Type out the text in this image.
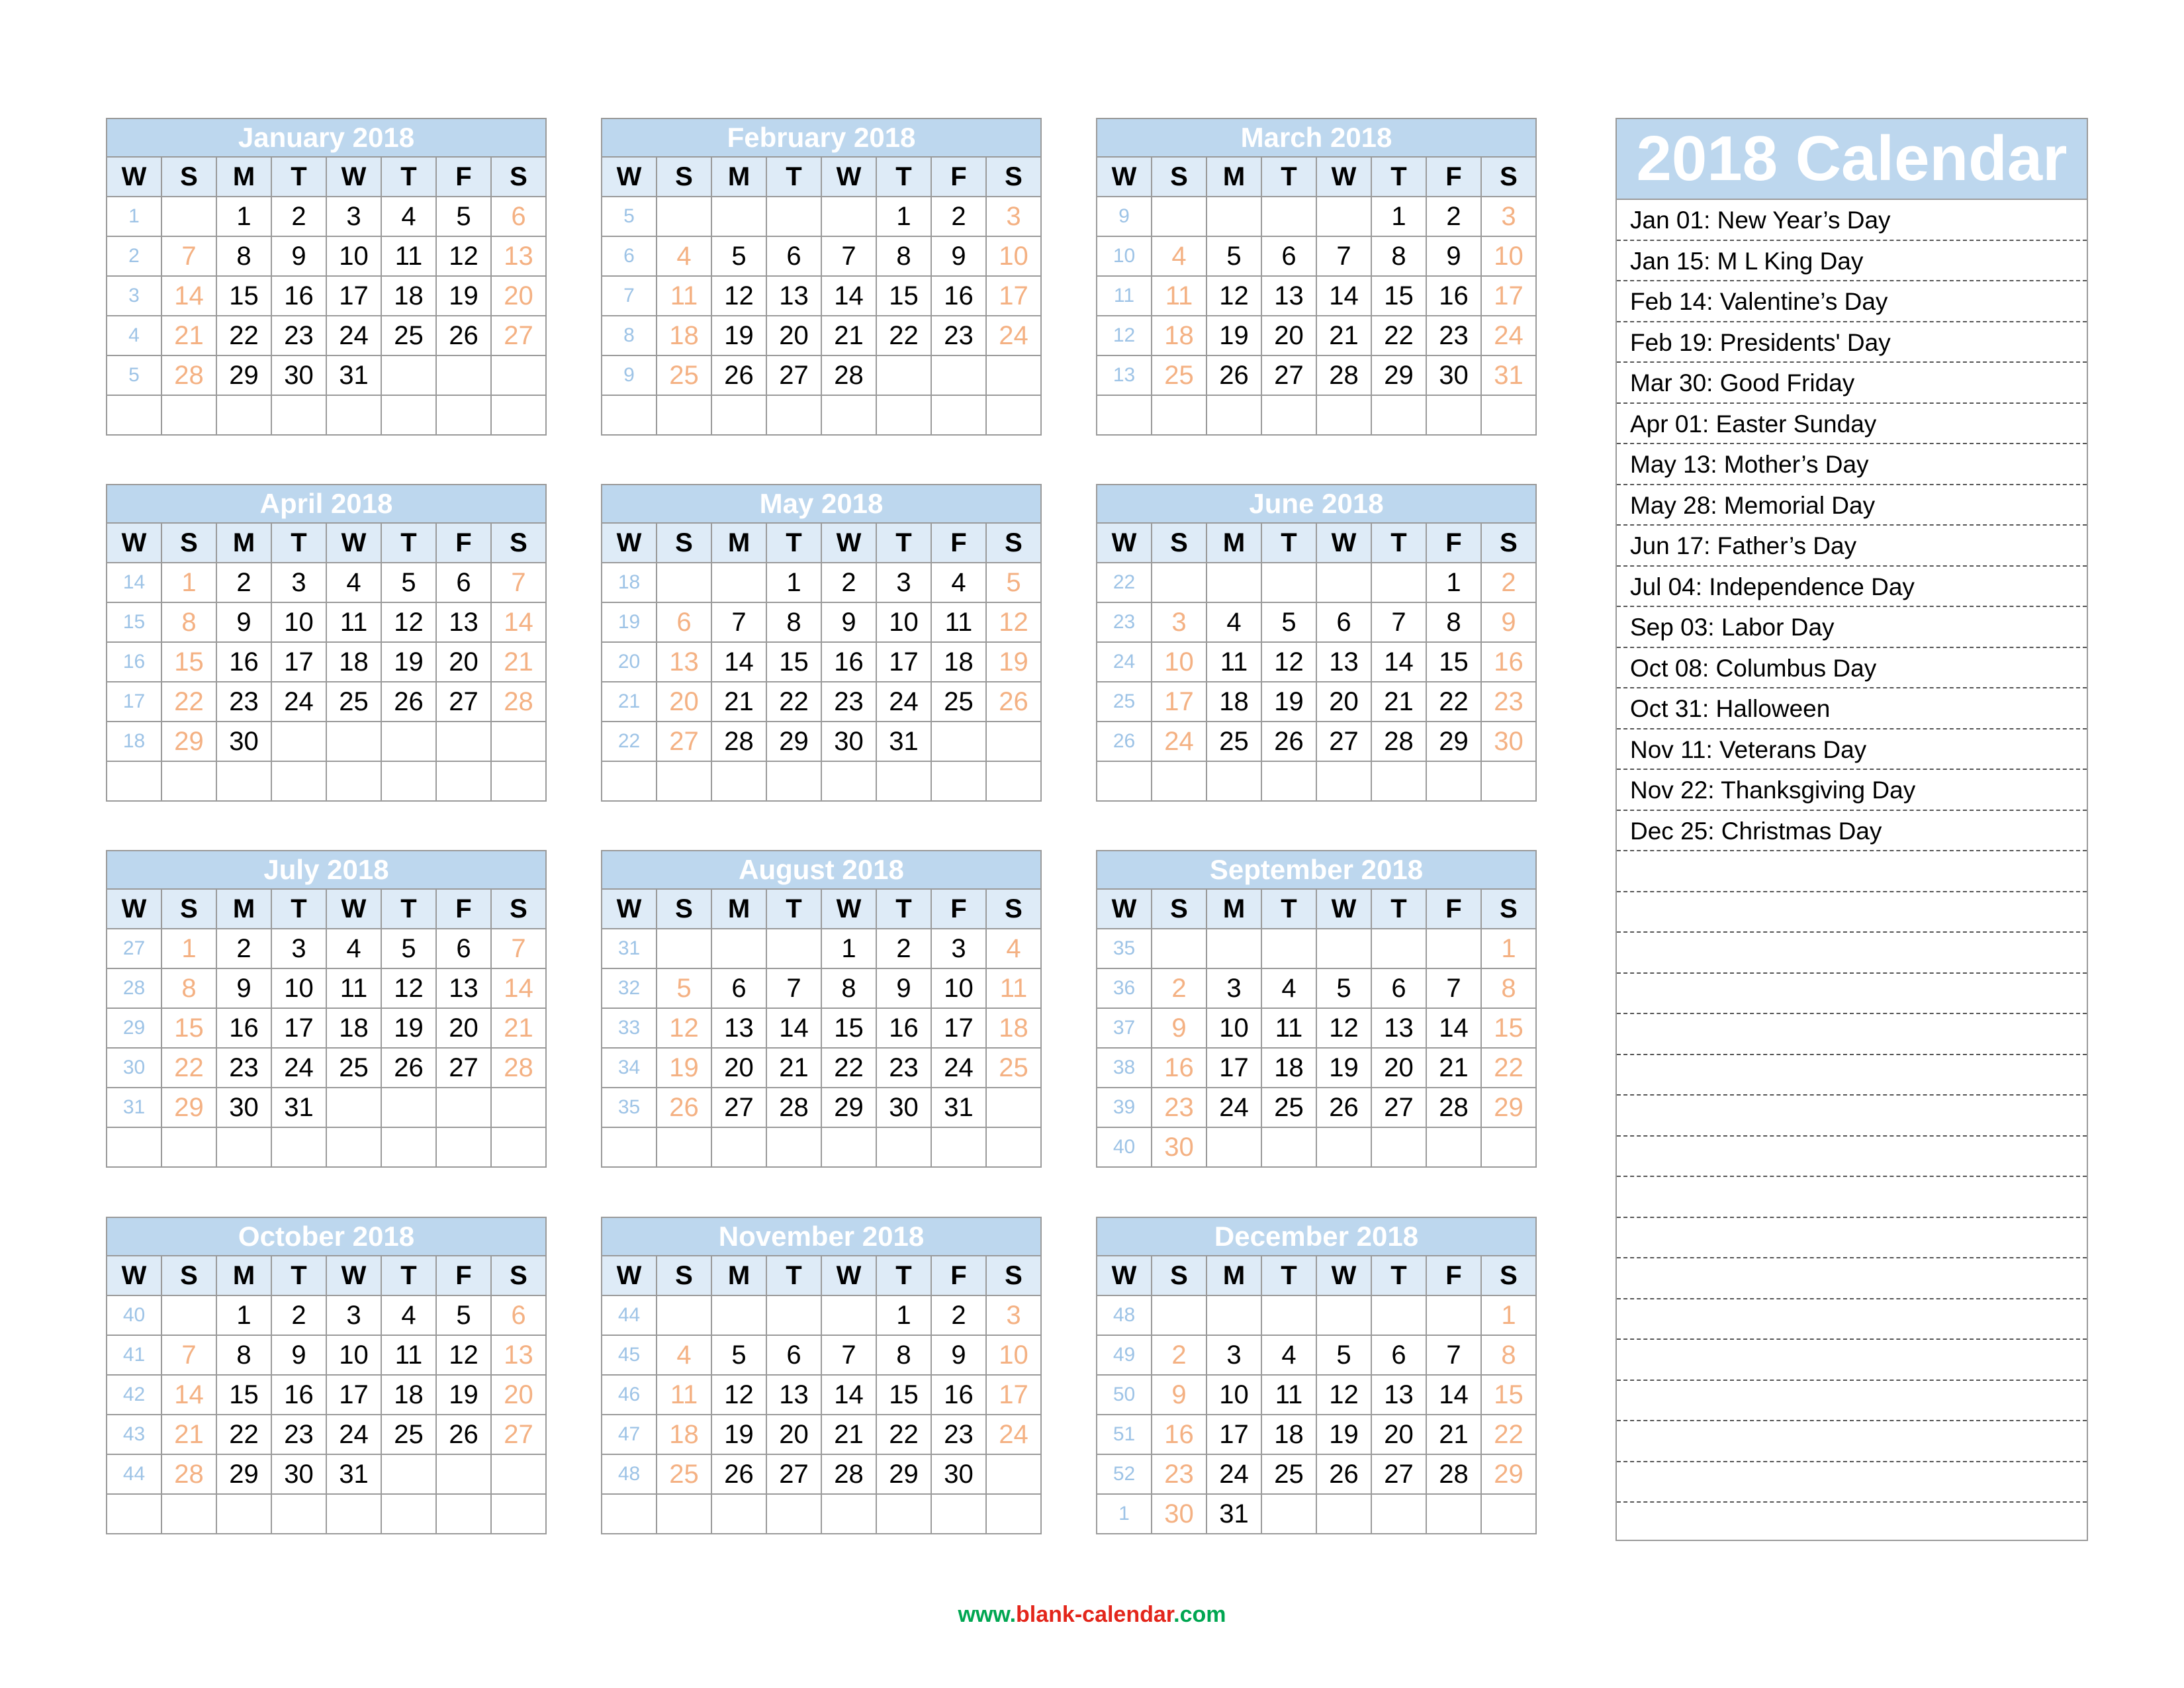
January 2018							
W	S	M	T	W	T	F	S
1		1	2	3	4	5	6
2	7	8	9	10	11	12	13
3	14	15	16	17	18	19	20
4	21	22	23	24	25	26	27
5	28	29	30	31			

February 2018							
W	S	M	T	W	T	F	S
5					1	2	3
6	4	5	6	7	8	9	10
7	11	12	13	14	15	16	17
8	18	19	20	21	22	23	24
9	25	26	27	28			

March 2018							
W	S	M	T	W	T	F	S
9					1	2	3
10	4	5	6	7	8	9	10
11	11	12	13	14	15	16	17
12	18	19	20	21	22	23	24
13	25	26	27	28	29	30	31

April 2018							
W	S	M	T	W	T	F	S
14	1	2	3	4	5	6	7
15	8	9	10	11	12	13	14
16	15	16	17	18	19	20	21
17	22	23	24	25	26	27	28
18	29	30					

May 2018							
W	S	M	T	W	T	F	S
18			1	2	3	4	5
19	6	7	8	9	10	11	12
20	13	14	15	16	17	18	19
21	20	21	22	23	24	25	26
22	27	28	29	30	31		

June 2018							
W	S	M	T	W	T	F	S
22						1	2
23	3	4	5	6	7	8	9
24	10	11	12	13	14	15	16
25	17	18	19	20	21	22	23
26	24	25	26	27	28	29	30

July 2018							
W	S	M	T	W	T	F	S
27	1	2	3	4	5	6	7
28	8	9	10	11	12	13	14
29	15	16	17	18	19	20	21
30	22	23	24	25	26	27	28
31	29	30	31				

August 2018							
W	S	M	T	W	T	F	S
31				1	2	3	4
32	5	6	7	8	9	10	11
33	12	13	14	15	16	17	18
34	19	20	21	22	23	24	25
35	26	27	28	29	30	31	

September 2018							
W	S	M	T	W	T	F	S
35							1
36	2	3	4	5	6	7	8
37	9	10	11	12	13	14	15
38	16	17	18	19	20	21	22
39	23	24	25	26	27	28	29
40	30						
October 2018							
W	S	M	T	W	T	F	S
40		1	2	3	4	5	6
41	7	8	9	10	11	12	13
42	14	15	16	17	18	19	20
43	21	22	23	24	25	26	27
44	28	29	30	31			

November 2018							
W	S	M	T	W	T	F	S
44					1	2	3
45	4	5	6	7	8	9	10
46	11	12	13	14	15	16	17
47	18	19	20	21	22	23	24
48	25	26	27	28	29	30	

December 2018							
W	S	M	T	W	T	F	S
48							1
49	2	3	4	5	6	7	8
50	9	10	11	12	13	14	15
51	16	17	18	19	20	21	22
52	23	24	25	26	27	28	29
1	30	31					
2018 Calendar
Jan 01: New Year’s Day
Jan 15: M L King Day
Feb 14: Valentine’s Day
Feb 19: Presidents' Day
Mar 30: Good Friday
Apr 01: Easter Sunday
May 13: Mother’s Day
May 28: Memorial Day
Jun 17: Father’s Day
Jul 04: Independence Day
Sep 03: Labor Day
Oct 08: Columbus Day
Oct 31: Halloween
Nov 11: Veterans Day
Nov 22: Thanksgiving Day
Dec 25: Christmas Day
www.blank-calendar.com
